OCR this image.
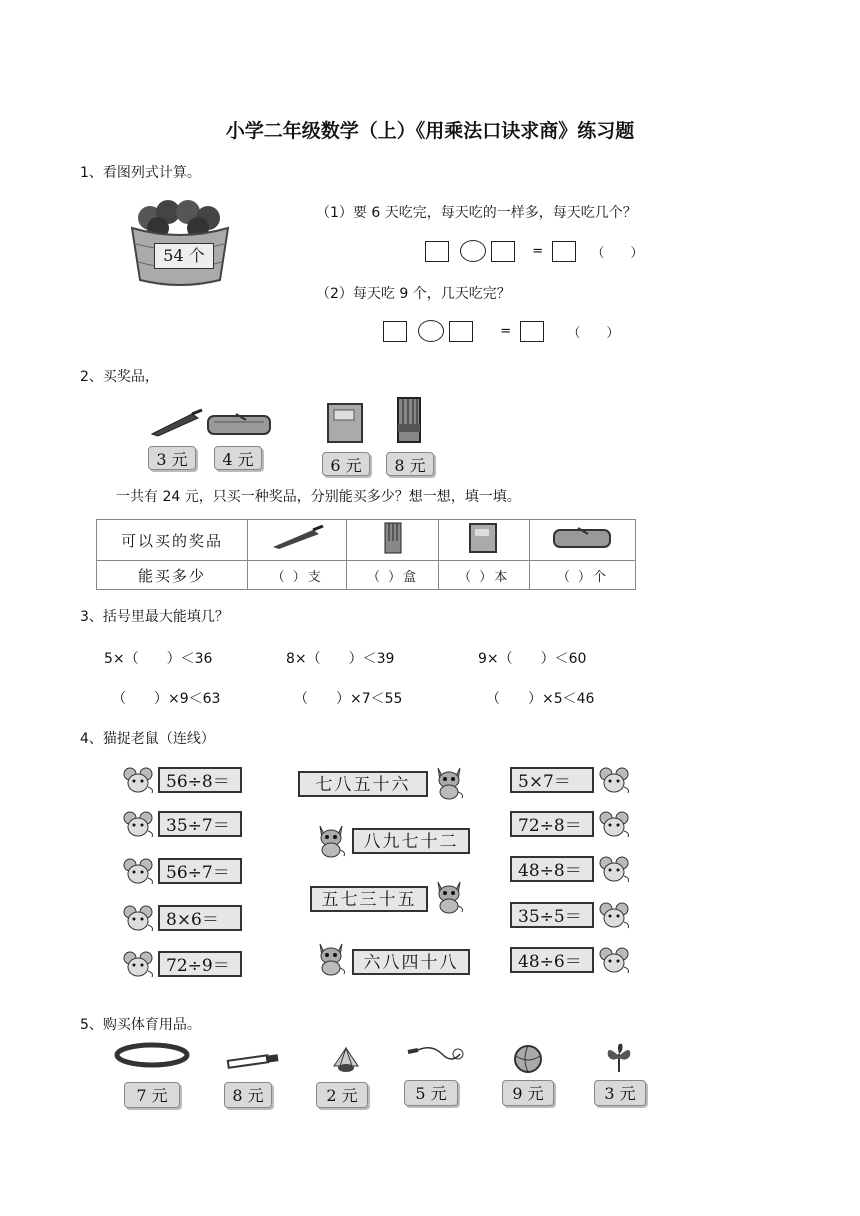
小学二年级数学（上）《用乘法口诀求商》练习题
1、看图列式计算。
54 个
（1）要 6 天吃完，每天吃的一样多，每天吃几个？
=	（　　）
（2）每天吃 9 个，几天吃完？
=	（　　）
2、买奖品，
3 元	4 元	6 元	8 元
一共有 24 元，只买一种奖品，分别能买多少？想一想，填一填。
可以买的奖品				
能买多少	（ ）支	（ ）盒	（ ）本	（ ）个
3、括号里最大能填几？
5×（　　）＜36	8×（　　）＜39	9×（　　）＜60
（　　）×9＜63	（　　）×7＜55	（　　）×5＜46
4、猫捉老鼠（连线）
56÷8＝
35÷7＝
56÷7＝
8×6＝
72÷9＝
七八五十六
八九七十二
五七三十五
六八四十八
5×7＝
72÷8＝
48÷8＝
35÷5＝
48÷6＝
5、购买体育用品。
7 元	8 元	2 元	5 元	9 元	3 元
